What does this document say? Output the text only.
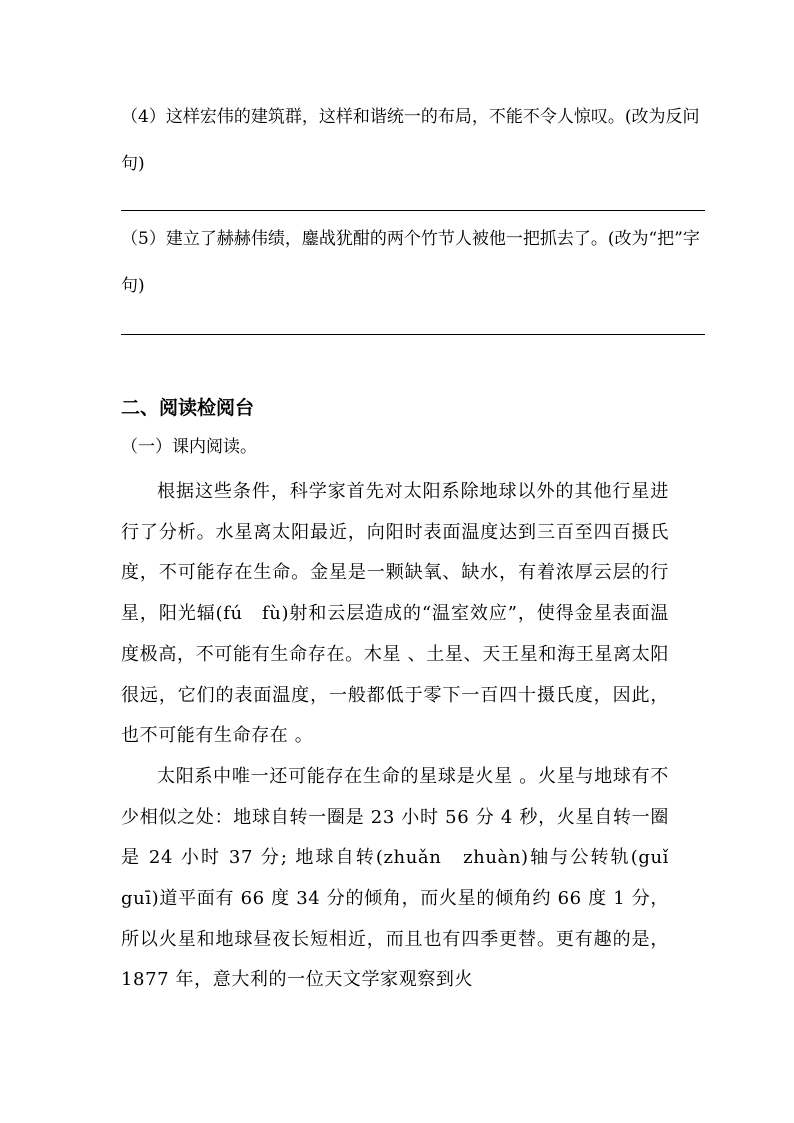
（4）这样宏伟的建筑群，这样和谐统一的布局，不能不令人惊叹。(改为反问句)
（5）建立了赫赫伟绩，鏖战犹酣的两个竹节人被他一把抓去了。(改为“把”字句)
二、阅读检阅台
（一）课内阅读。

根据这些条件，科学家首先对太阳系除地球以外的其他行星进行了分析。水星离太阳最近，向阳时表面温度达到三百至四百摄氏度，不可能存在生命。金星是一颗缺氧、缺水，有着浓厚云层的行星，阳光辐(fú　fù)射和云层造成的“温室效应”，使得金星表面温度极高，不可能有生命存在。木星 、土星、天王星和海王星离太阳很远，它们的表面温度，一般都低于零下一百四十摄氏度，因此，也不可能有生命存在 。

太阳系中唯一还可能存在生命的星球是火星 。火星与地球有不少相似之处：地球自转一圈是 23 小时 56 分 4 秒，火星自转一圈是 24 小时 37 分; 地球自转(zhuǎn　zhuàn)轴与公转轨(guǐ　guī)道平面有 66 度 34 分的倾角，而火星的倾角约 66 度 1 分，所以火星和地球昼夜长短相近，而且也有四季更替。更有趣的是，1877 年，意大利的一位天文学家观察到火
